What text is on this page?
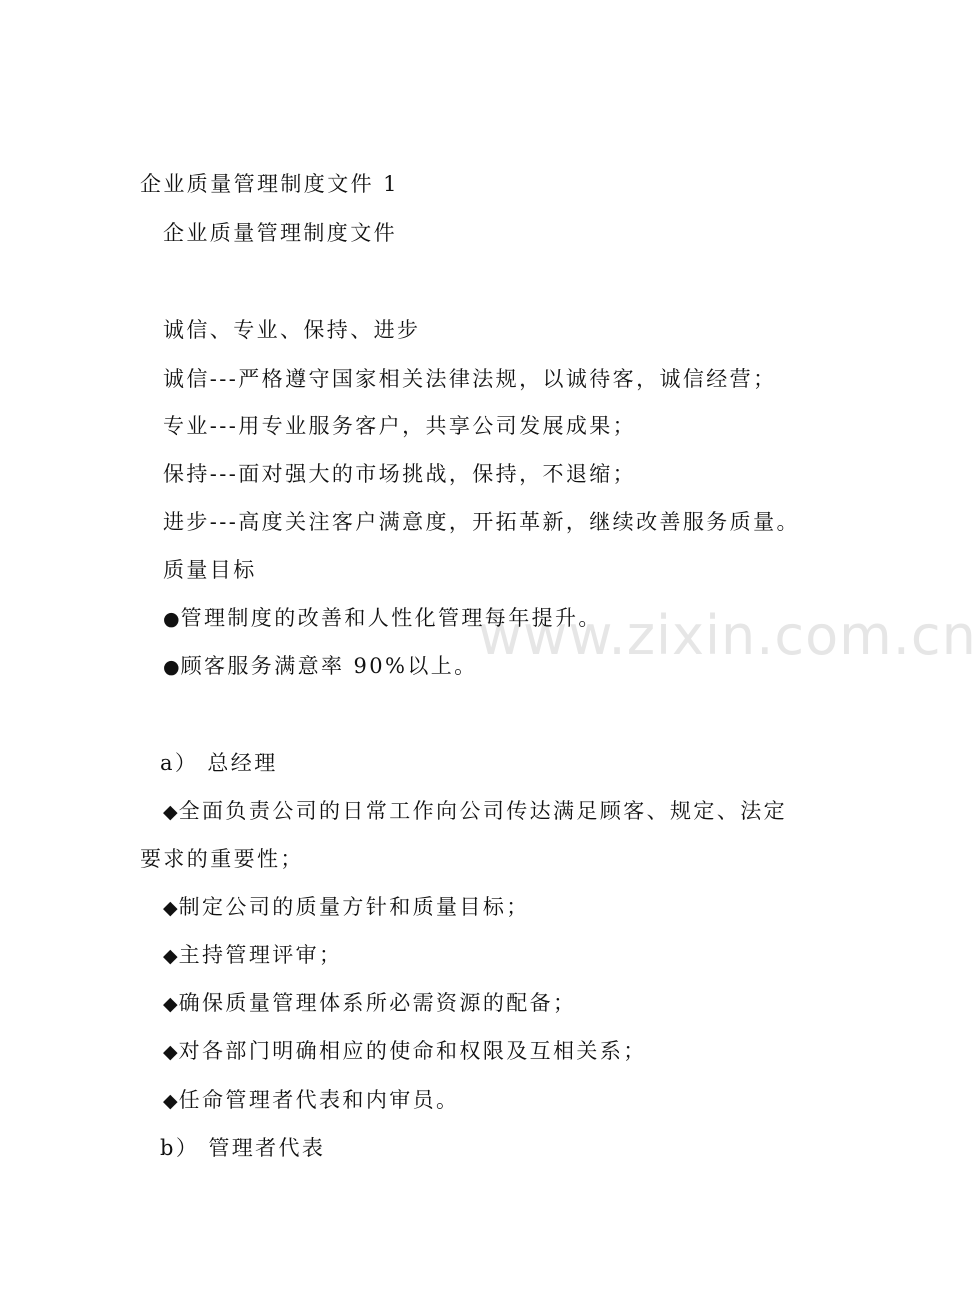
www.zixin.com.cn
企业质量管理制度文件 1
企业质量管理制度文件
诚信、专业、保持、进步
诚信---严格遵守国家相关法律法规，以诚待客，诚信经营；
专业---用专业服务客户，共享公司发展成果；
保持---面对强大的市场挑战，保持，不退缩；
进步---高度关注客户满意度，开拓革新，继续改善服务质量。
质量目标
●管理制度的改善和人性化管理每年提升。
●顾客服务满意率 90%以上。
a） 总经理
◆全面负责公司的日常工作向公司传达满足顾客、规定、法定
要求的重要性；
◆制定公司的质量方针和质量目标；
◆主持管理评审；
◆确保质量管理体系所必需资源的配备；
◆对各部门明确相应的使命和权限及互相关系；
◆任命管理者代表和内审员。
b） 管理者代表
